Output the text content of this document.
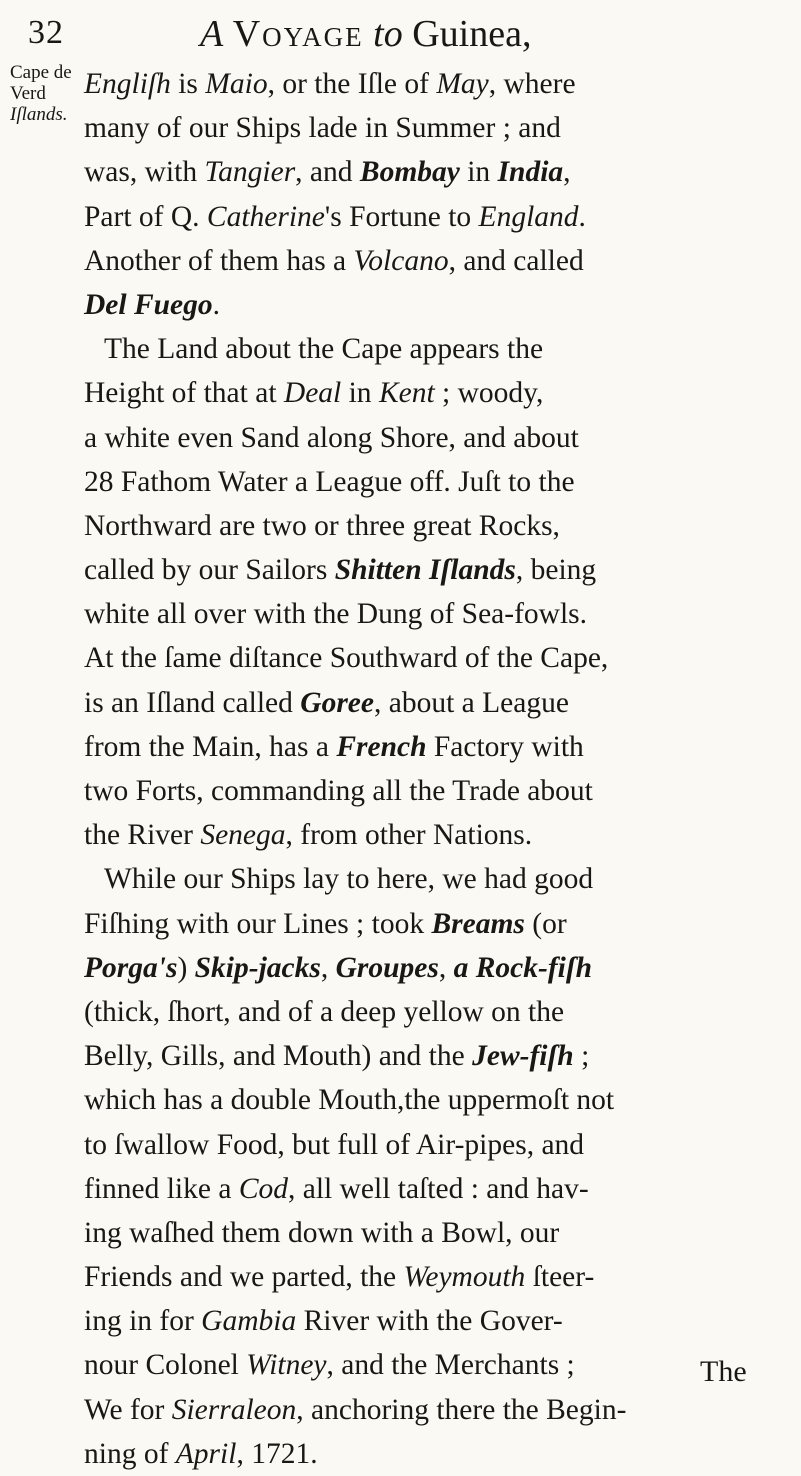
32	A Voyage to Guinea,
Cape de
Verd
Iſlands.
Engliſh is Maio, or the Iſle of May, where
many of our Ships lade in Summer ; and
was, with Tangier, and Bombay in India,
Part of Q. Catherine's Fortune to England.
Another of them has a Volcano, and called
Del Fuego.
The Land about the Cape appears the
Height of that at Deal in Kent ; woody,
a white even Sand along Shore, and about
28 Fathom Water a League off. Juſt to the
Northward are two or three great Rocks,
called by our Sailors Shitten Iſlands, being
white all over with the Dung of Sea-fowls.
At the ſame diſtance Southward of the Cape,
is an Iſland called Goree, about a League
from the Main, has a French Factory with
two Forts, commanding all the Trade about
the River Senega, from other Nations.
While our Ships lay to here, we had good
Fiſhing with our Lines ; took Breams (or
Porga's) Skip-jacks, Groupes, a Rock-fiſh
(thick, ſhort, and of a deep yellow on the
Belly, Gills, and Mouth) and the Jew-fiſh ;
which has a double Mouth,the uppermoſt not
to ſwallow Food, but full of Air-pipes, and
finned like a Cod, all well taſted : and hav-
ing waſhed them down with a Bowl, our
Friends and we parted, the Weymouth ſteer-
ing in for Gambia River with the Gover-
nour Colonel Witney, and the Merchants ;
We for Sierraleon, anchoring there the Begin-
ning of April, 1721.
The
